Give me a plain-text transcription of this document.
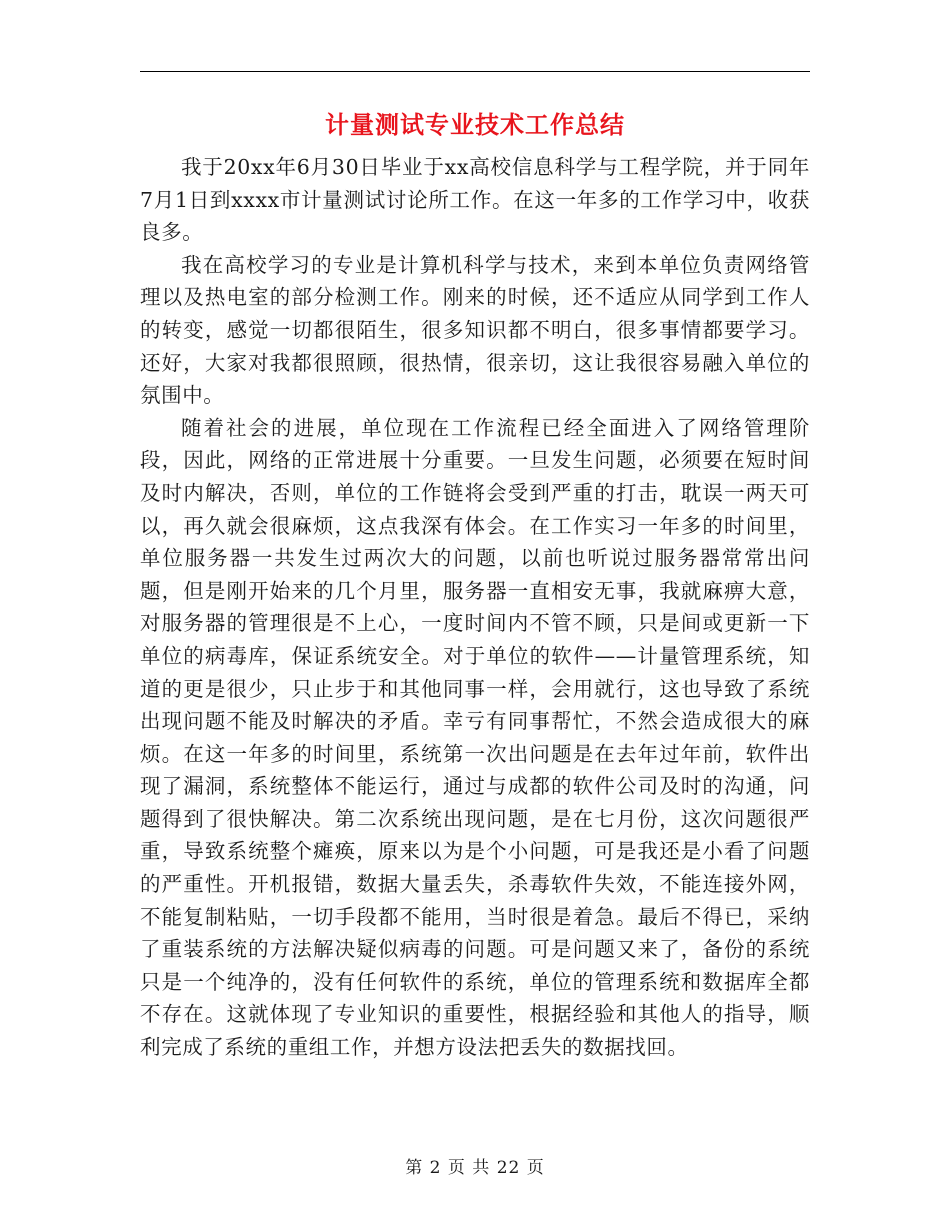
计量测试专业技术工作总结

我于20xx年6月30日毕业于xx高校信息科学与工程学院，并于同年7月1日到xxxx市计量测试讨论所工作。在这一年多的工作学习中，收获良多。

我在高校学习的专业是计算机科学与技术，来到本单位负责网络管理以及热电室的部分检测工作。刚来的时候，还不适应从同学到工作人的转变，感觉一切都很陌生，很多知识都不明白，很多事情都要学习。还好，大家对我都很照顾，很热情，很亲切，这让我很容易融入单位的氛围中。

随着社会的进展，单位现在工作流程已经全面进入了网络管理阶段，因此，网络的正常进展十分重要。一旦发生问题，必须要在短时间及时内解决，否则，单位的工作链将会受到严重的打击，耽误一两天可以，再久就会很麻烦，这点我深有体会。在工作实习一年多的时间里，单位服务器一共发生过两次大的问题，以前也听说过服务器常常出问题，但是刚开始来的几个月里，服务器一直相安无事，我就麻痹大意，对服务器的管理很是不上心，一度时间内不管不顾，只是间或更新一下单位的病毒库，保证系统安全。对于单位的软件——计量管理系统，知道的更是很少，只止步于和其他同事一样，会用就行，这也导致了系统出现问题不能及时解决的矛盾。幸亏有同事帮忙，不然会造成很大的麻烦。在这一年多的时间里，系统第一次出问题是在去年过年前，软件出现了漏洞，系统整体不能运行，通过与成都的软件公司及时的沟通，问题得到了很快解决。第二次系统出现问题，是在七月份，这次问题很严重，导致系统整个瘫痪，原来以为是个小问题，可是我还是小看了问题的严重性。开机报错，数据大量丢失，杀毒软件失效，不能连接外网，不能复制粘贴，一切手段都不能用，当时很是着急。最后不得已，采纳了重装系统的方法解决疑似病毒的问题。可是问题又来了，备份的系统只是一个纯净的，没有任何软件的系统，单位的管理系统和数据库全都不存在。这就体现了专业知识的重要性，根据经验和其他人的指导，顺利完成了系统的重组工作，并想方设法把丢失的数据找回。

第 2 页 共 22 页
